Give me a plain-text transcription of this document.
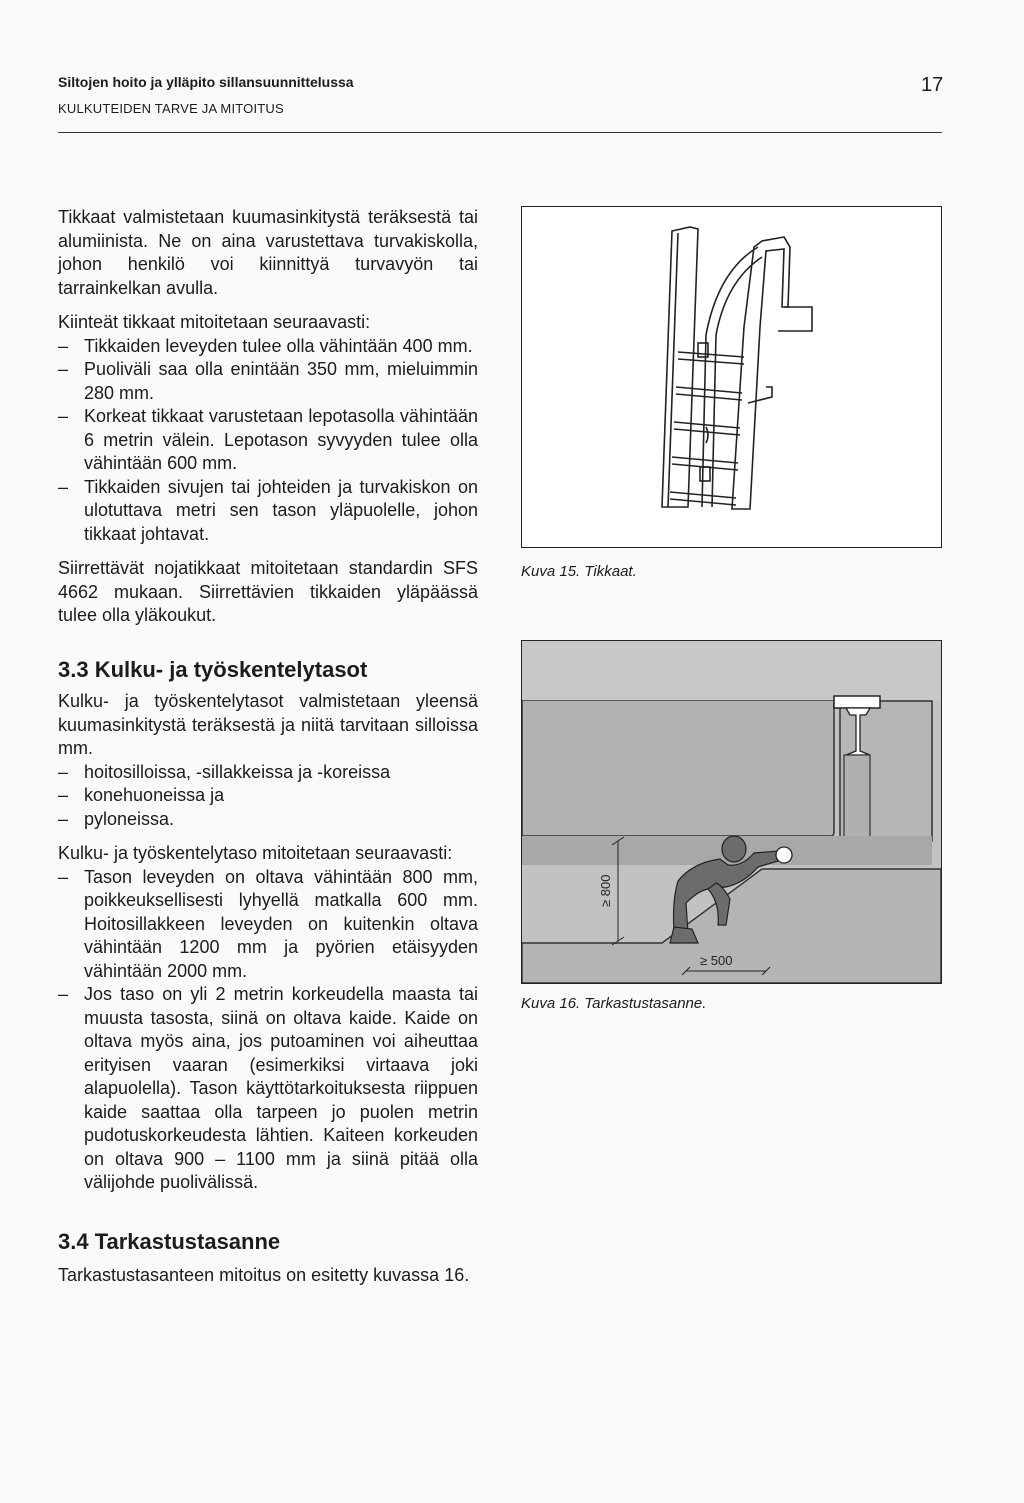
Siltojen hoito ja ylläpito sillansuunnittelussa
KULKUTEIDEN TARVE JA MITOITUS
17

Tikkaat valmistetaan kuumasinkitystä teräksestä tai alumiinista. Ne on aina varustettava turvakiskolla, johon henkilö voi kiinnittyä turvavyön tai tarrainkelkan avulla.

Kiinteät tikkaat mitoitetaan seuraavasti:

– Tikkaiden leveyden tulee olla vähintään 400 mm.
– Puoliväli saa olla enintään 350 mm, mieluimmin 280 mm.
– Korkeat tikkaat varustetaan lepotasolla vähintään 6 metrin välein. Lepotason syvyyden tulee olla vähintään 600 mm.
– Tikkaiden sivujen tai johteiden ja turvakiskon on ulotuttava metri sen tason yläpuolelle, johon tikkaat johtavat.

Siirrettävät nojatikkaat mitoitetaan standardin SFS 4662 mukaan. Siirrettävien tikkaiden yläpäässä tulee olla yläkoukut.

3.3 Kulku- ja työskentelytasot

Kulku- ja työskentelytasot valmistetaan yleensä kuumasinkitystä teräksestä ja niitä tarvitaan silloissa mm.

– hoitosilloissa, -sillakkeissa ja -koreissa
– konehuoneissa ja
– pyloneissa.

Kulku- ja työskentelytaso mitoitetaan seuraavasti:

– Tason leveyden on oltava vähintään 800 mm, poikkeuksellisesti lyhyellä matkalla 600 mm. Hoitosillakkeen leveyden on kuitenkin oltava vähintään 1200 mm ja pyörien etäisyyden vähintään 2000 mm.
– Jos taso on yli 2 metrin korkeudella maasta tai muusta tasosta, siinä on oltava kaide. Kaide on oltava myös aina, jos putoaminen voi aiheuttaa erityisen vaaran (esimerkiksi virtaava joki alapuolella). Tason käyttötarkoituksesta riippuen kaide saattaa olla tarpeen jo puolen metrin pudotuskorkeudesta lähtien. Kaiteen korkeuden on oltava 900 – 1100 mm ja siinä pitää olla välijohde puolivälissä.
3.4 Tarkastustasanne

Tarkastustasanteen mitoitus on esitetty kuvassa 16.

Kuva 15. Tikkaat.
≥ 800
≥ 500
Kuva 16. Tarkastustasanne.
